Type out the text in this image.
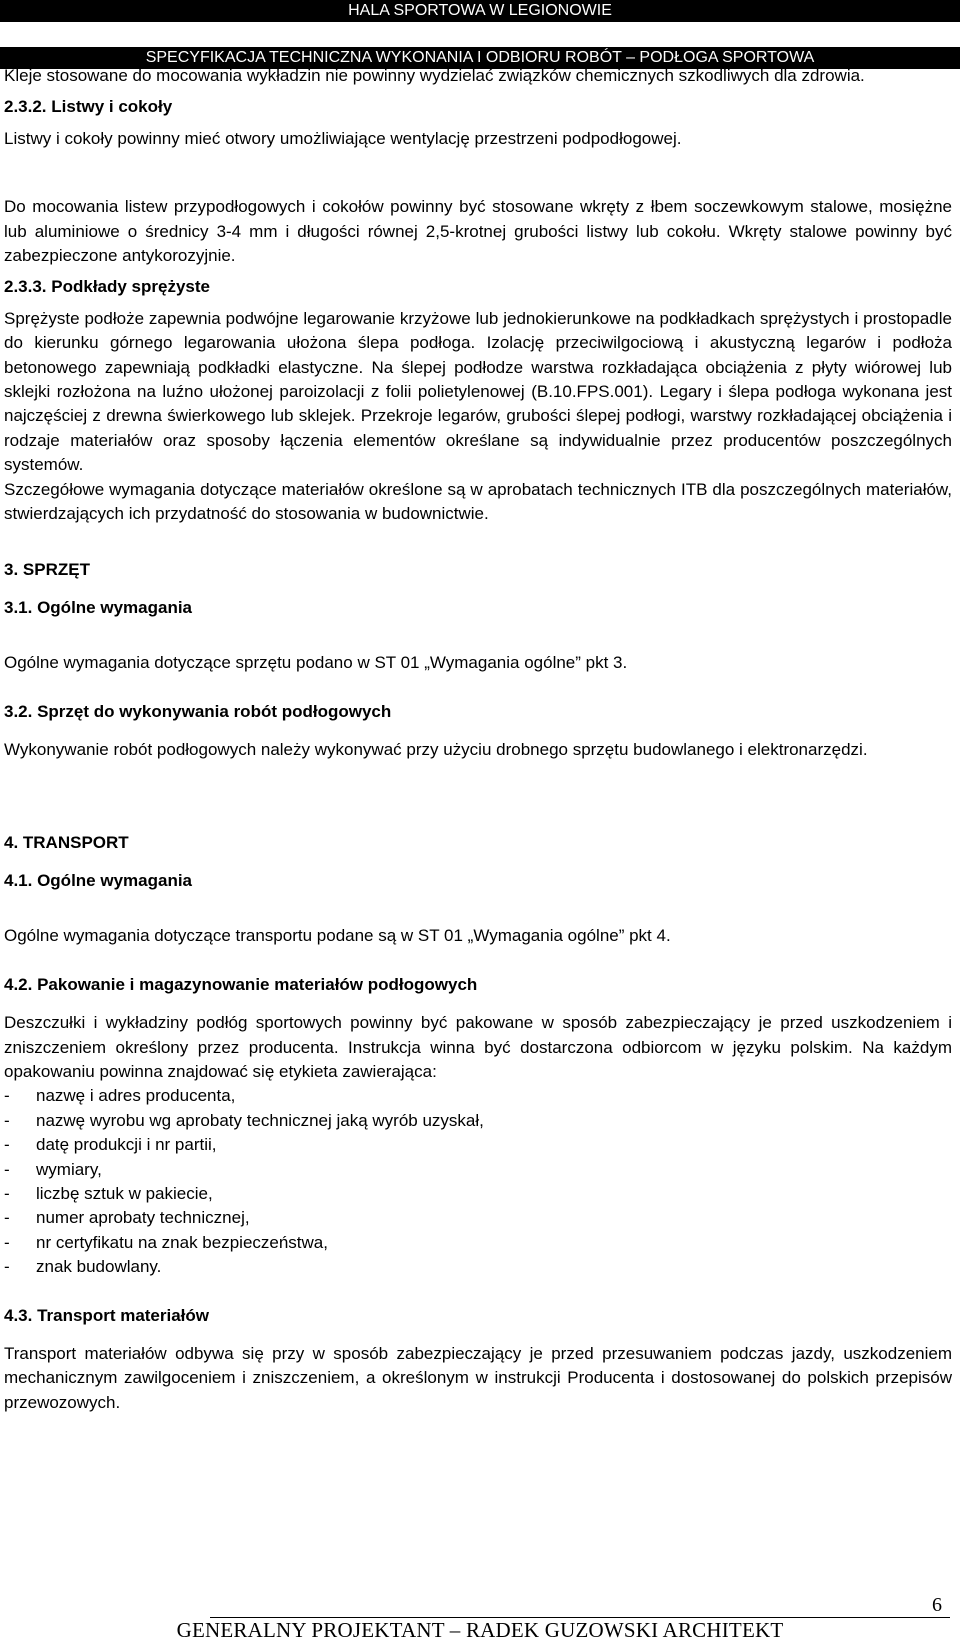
HALA SPORTOWA W LEGIONOWIE
SPECYFIKACJA TECHNICZNA WYKONANIA I ODBIORU ROBÓT – PODŁOGA SPORTOWA

Kleje stosowane do mocowania wykładzin nie powinny wydzielać związków chemicznych szkodliwych dla zdrowia.

2.3.2. Listwy i cokoły

Listwy i cokoły powinny mieć otwory umożliwiające wentylację przestrzeni podpodłogowej.

Do mocowania listew przypodłogowych i cokołów powinny być stosowane wkręty z łbem soczewkowym stalowe, mosiężne lub aluminiowe o średnicy 3-4 mm i długości równej 2,5-krotnej grubości listwy lub cokołu. Wkręty stalowe powinny być zabezpieczone antykorozyjnie.

2.3.3. Podkłady sprężyste

Sprężyste podłoże zapewnia podwójne legarowanie krzyżowe lub jednokierunkowe na podkładkach sprężystych i prostopadle do kierunku górnego legarowania ułożona ślepa podłoga. Izolację przeciwilgociową i akustyczną legarów i podłoża betonowego zapewniają podkładki elastyczne. Na ślepej podłodze warstwa rozkładająca obciążenia z płyty wiórowej lub sklejki rozłożona na luźno ułożonej paroizolacji z folii polietylenowej (B.10.FPS.001). Legary i ślepa podłoga wykonana jest najczęściej z drewna świerkowego lub sklejek. Przekroje legarów, grubości ślepej podłogi, warstwy rozkładającej obciążenia i rodzaje materiałów oraz sposoby łączenia elementów określane są indywidualnie przez producentów poszczególnych systemów.

Szczegółowe wymagania dotyczące materiałów określone są w aprobatach technicznych ITB dla poszczególnych materiałów, stwierdzających ich przydatność do stosowania w budownictwie.

3. SPRZĘT

3.1. Ogólne wymagania

Ogólne wymagania dotyczące sprzętu podano w ST 01 „Wymagania ogólne” pkt 3.

3.2. Sprzęt do wykonywania robót podłogowych

Wykonywanie robót podłogowych należy wykonywać przy użyciu drobnego sprzętu budowlanego i elektronarzędzi.

4. TRANSPORT

4.1. Ogólne wymagania

Ogólne wymagania dotyczące transportu podane są w ST 01 „Wymagania ogólne” pkt 4.

4.2. Pakowanie i magazynowanie materiałów podłogowych

Deszczułki i wykładziny podłóg sportowych powinny być pakowane w sposób zabezpieczający je przed uszkodzeniem i zniszczeniem określony przez producenta. Instrukcja winna być dostarczona odbiorcom w języku polskim. Na każdym opakowaniu powinna znajdować się etykieta zawierająca:

- nazwę i adres producenta,
- nazwę wyrobu wg aprobaty technicznej jaką wyrób uzyskał,
- datę produkcji i nr partii,
- wymiary,
- liczbę sztuk w pakiecie,
- numer aprobaty technicznej,
- nr certyfikatu na znak bezpieczeństwa,
- znak budowlany.

4.3. Transport materiałów

Transport materiałów odbywa się przy w sposób zabezpieczający je przed przesuwaniem podczas jazdy, uszkodzeniem mechanicznym zawilgoceniem i zniszczeniem, a określonym w instrukcji Producenta i dostosowanej do polskich przepisów przewozowych.

6
GENERALNY PROJEKTANT – RADEK GUZOWSKI ARCHITEKT
